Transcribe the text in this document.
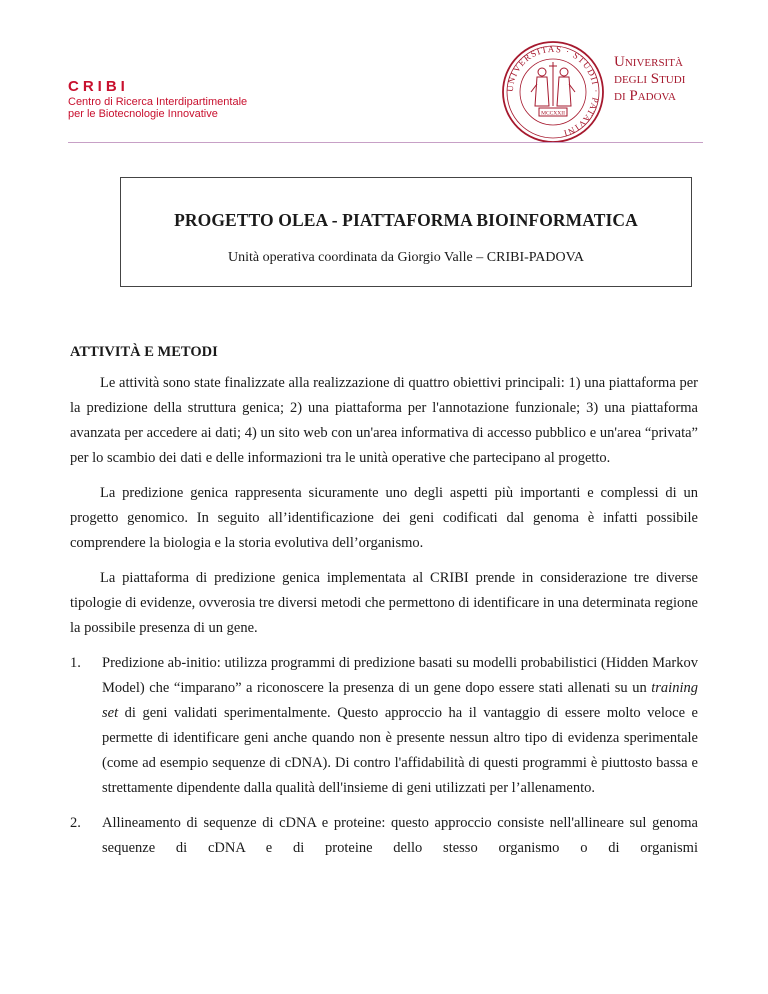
CRIBI
Centro di Ricerca Interdipartimentale
per le Biotecnologie Innovative
UNIVERSITAS · STUDII · PATAVINI
MCCXXII
Università
degli Studi
di Padova
PROGETTO OLEA - PIATTAFORMA BIOINFORMATICA

Unità operativa coordinata da Giorgio Valle – CRIBI-PADOVA

ATTIVITÀ E METODI

Le attività sono state finalizzate alla realizzazione di quattro obiettivi principali: 1) una piattaforma per la predizione della struttura genica; 2) una piattaforma per l'annotazione funzionale; 3) una piattaforma avanzata per accedere ai dati; 4) un sito web con un'area informativa di accesso pubblico e un'area “privata” per lo scambio dei dati e delle informazioni tra le unità operative che partecipano al progetto.

La predizione genica rappresenta sicuramente uno degli aspetti più importanti e complessi di un progetto genomico. In seguito all’identificazione dei geni codificati dal genoma è infatti possibile comprendere la biologia e la storia evolutiva dell’organismo.

La piattaforma di predizione genica implementata al CRIBI prende in considerazione tre diverse tipologie di evidenze, ovverosia tre diversi metodi che permettono di identificare in una determinata regione la possibile presenza di un gene.

1. Predizione ab-initio: utilizza programmi di predizione basati su modelli probabilistici (Hidden Markov Model) che “imparano” a riconoscere la presenza di un gene dopo essere stati allenati su un training set di geni validati sperimentalmente. Questo approccio ha il vantaggio di essere molto veloce e permette di identificare geni anche quando non è presente nessun altro tipo di evidenza sperimentale (come ad esempio sequenze di cDNA). Di contro l'affidabilità di questi programmi è piuttosto bassa e strettamente dipendente dalla qualità dell'insieme di geni utilizzati per l’allenamento.
2. Allineamento di sequenze di cDNA e proteine: questo approccio consiste nell'allineare sul genoma sequenze di cDNA e di proteine dello stesso organismo o di organismi
